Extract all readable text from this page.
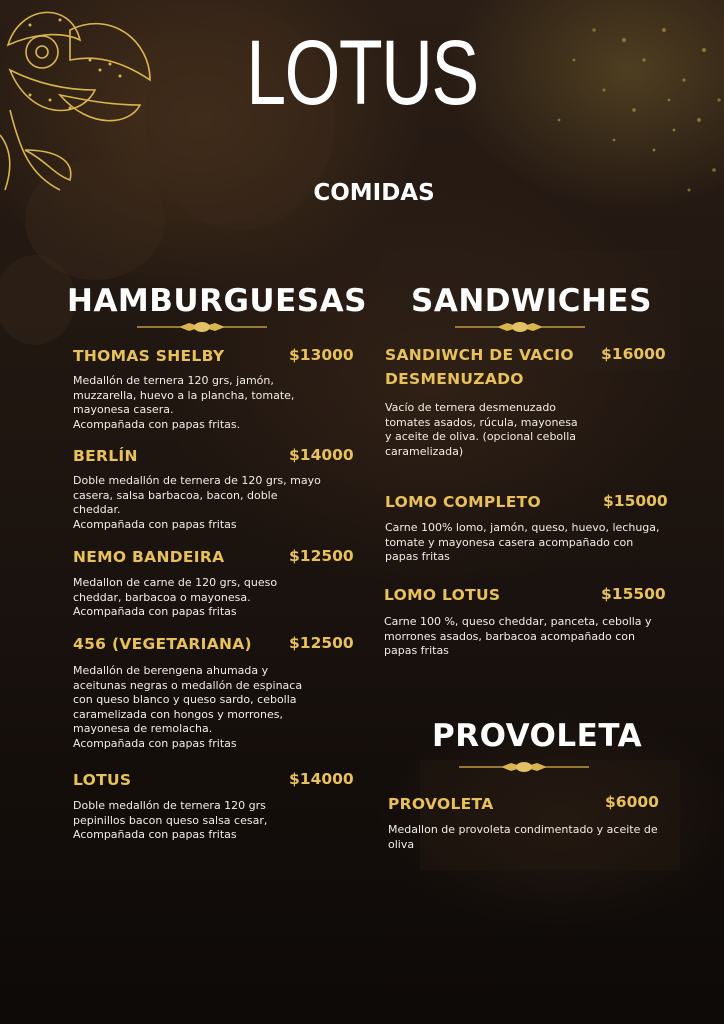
LOTUS
COMIDAS
HAMBURGUESAS
THOMAS SHELBY	$13000
Medallón de ternera 120 grs, jamón,
muzzarella, huevo a la plancha, tomate,
mayonesa casera.
Acompañada con papas fritas.
BERLÍN	$14000
Doble medallón de ternera de 120 grs, mayo
casera, salsa barbacoa, bacon, doble
cheddar.
Acompañada con papas fritas
NEMO BANDEIRA	$12500
Medallon de carne de 120 grs, queso
cheddar, barbacoa o mayonesa.
Acompañada con papas fritas
456 (VEGETARIANA) $12500
Medallón de berengena ahumada y
aceitunas negras o medallón de espinaca
con queso blanco y queso sardo, cebolla
caramelizada con hongos y morrones,
mayonesa de remolacha.
Acompañada con papas fritas
LOTUS	$14000
Doble medallón de ternera 120 grs
pepinillos bacon queso salsa cesar,
Acompañada con papas fritas
SANDWICHES
SANDIWCH DE VACIO DESMENUZADO
$16000
Vacío de ternera desmenuzado
tomates asados, rúcula, mayonesa
y aceite de oliva. (opcional cebolla
caramelizada)
LOMO COMPLETO	$15000
Carne 100% lomo, jamón, queso, huevo, lechuga,
tomate y mayonesa casera acompañado con
papas fritas
LOMO LOTUS	$15500
Carne 100 %, queso cheddar, panceta, cebolla y
morrones asados, barbacoa acompañado con
papas fritas
PROVOLETA
PROVOLETA	$6000
Medallon de provoleta condimentado y aceite de
oliva
